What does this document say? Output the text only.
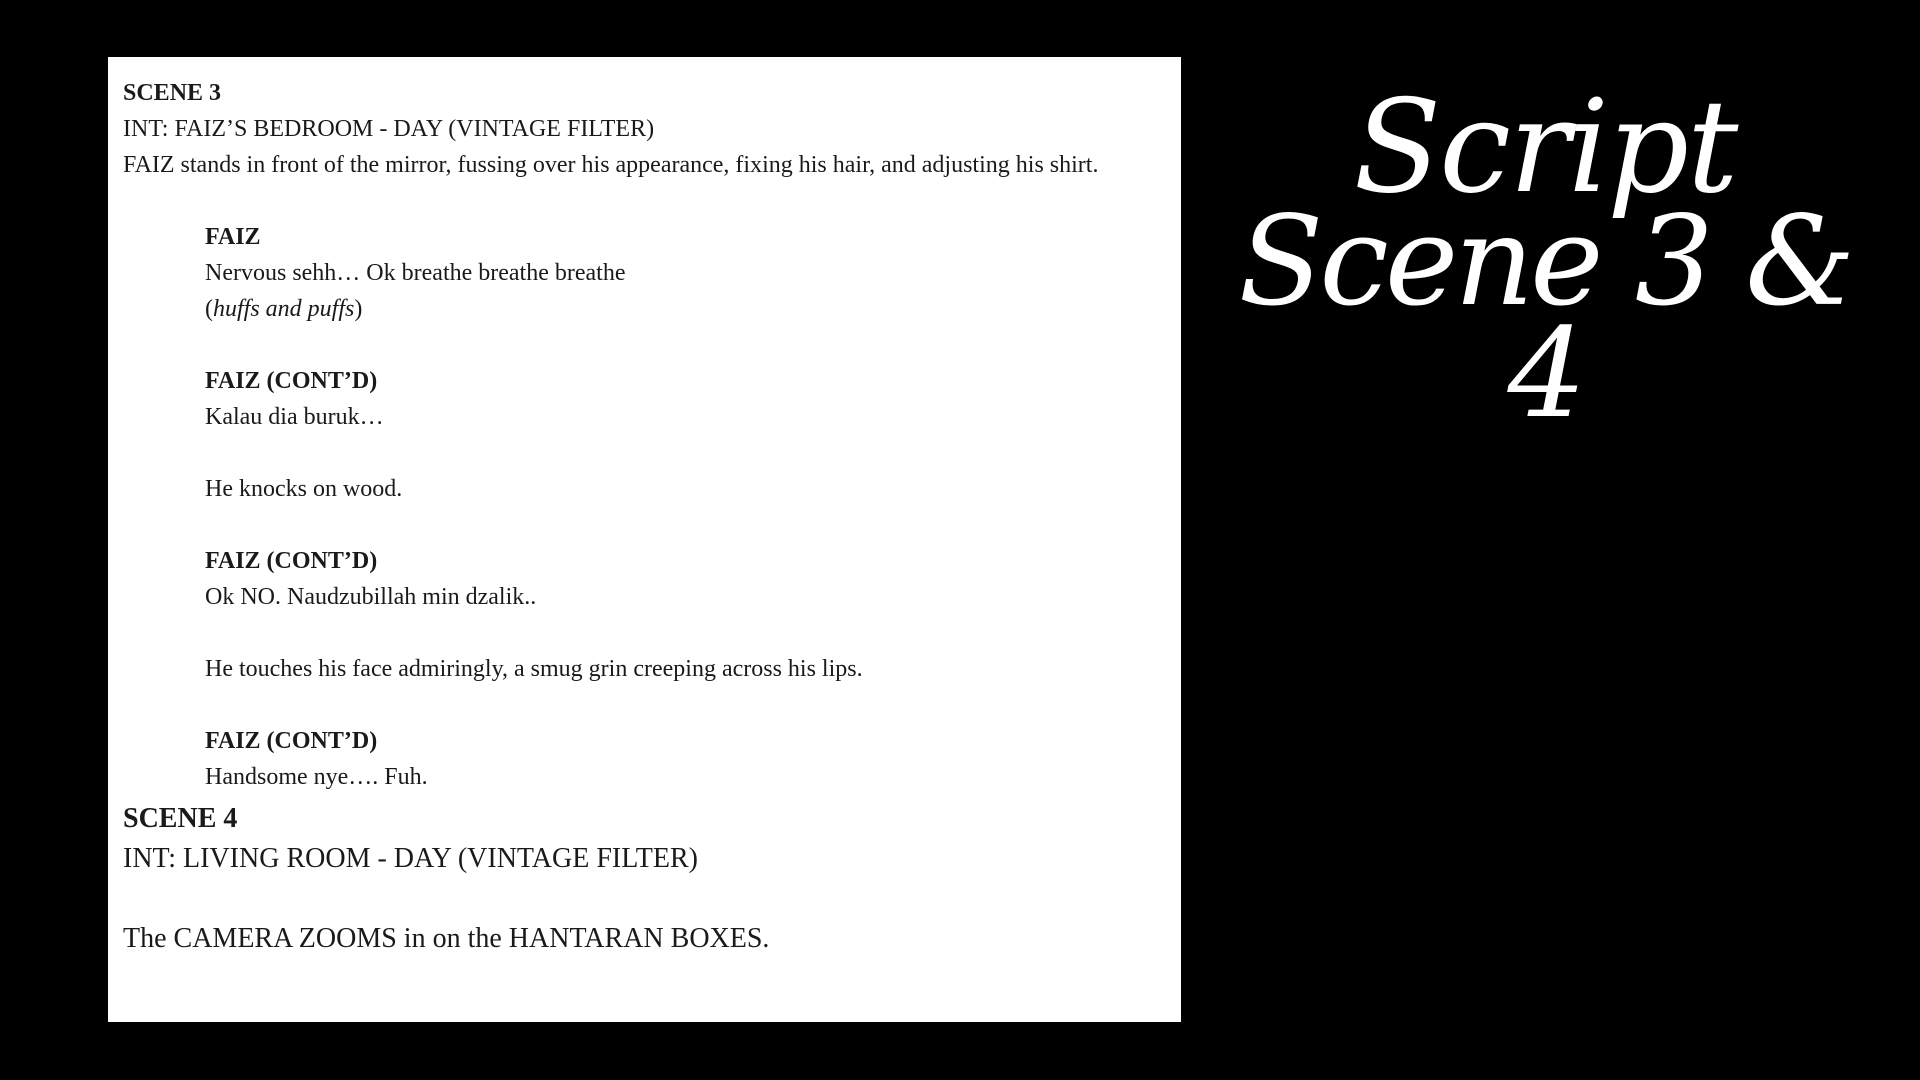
SCENE 3
INT: FAIZ’S BEDROOM - DAY (VINTAGE FILTER)
FAIZ stands in front of the mirror, fussing over his appearance, fixing his hair, and adjusting his shirt.
FAIZ
Nervous sehh… Ok breathe breathe breathe
(huffs and puffs)
FAIZ (CONT’D)
Kalau dia buruk…
He knocks on wood.
FAIZ (CONT’D)
Ok NO. Naudzubillah min dzalik..
He touches his face admiringly, a smug grin creeping across his lips.
FAIZ (CONT’D)
Handsome nye…. Fuh.
SCENE 4
INT: LIVING ROOM - DAY (VINTAGE FILTER)
The CAMERA ZOOMS in on the HANTARAN BOXES.
Script
Scene 3 & 4
